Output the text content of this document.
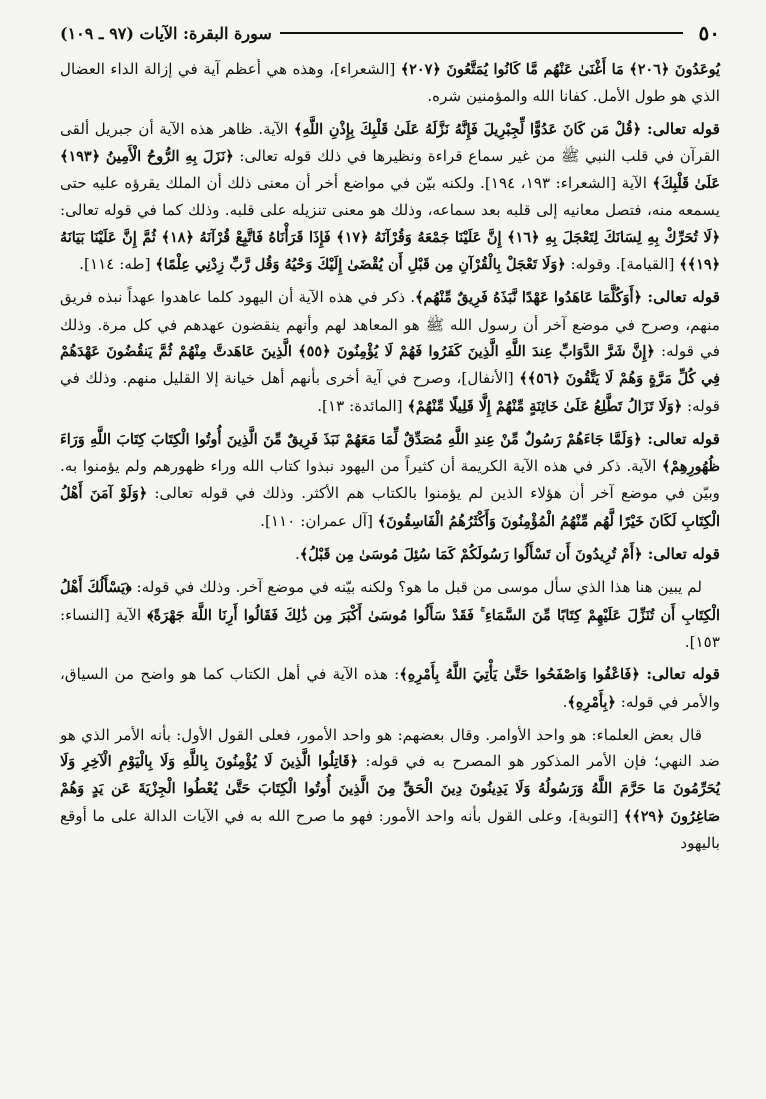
٥٠
سورة البقرة: الآيات (٩٧ ـ ١٠٩)

يُوعَدُونَ ﴿٢٠٦﴾ مَا أَغْنَىٰ عَنْهُم مَّا كَانُوا يُمَتَّعُونَ ﴿٢٠٧﴾ [الشعراء]، وهذه هي أعظم آية في إزالة الداء العضال الذي هو طول الأمل. كفانا الله والمؤمنين شره.

قوله تعالى: ﴿قُلْ مَن كَانَ عَدُوًّا لِّجِبْرِيلَ فَإِنَّهُ نَزَّلَهُ عَلَىٰ قَلْبِكَ بِإِذْنِ اللَّهِ﴾ الآية. ظاهر هذه الآية أن جبريل ألقى القرآن في قلب النبي ﷺ من غير سماع قراءة ونظيرها في ذلك قوله تعالى: ﴿نَزَلَ بِهِ الرُّوحُ الْأَمِينُ ﴿١٩٣﴾ عَلَىٰ قَلْبِكَ﴾ الآية [الشعراء: ١٩٣، ١٩٤]. ولكنه بيّن في مواضع أخر أن معنى ذلك أن الملك يقرؤه عليه حتى يسمعه منه، فتصل معانيه إلى قلبه بعد سماعه، وذلك هو معنى تنزيله على قلبه. وذلك كما في قوله تعالى: ﴿لَا تُحَرِّكْ بِهِ لِسَانَكَ لِتَعْجَلَ بِهِ ﴿١٦﴾ إِنَّ عَلَيْنَا جَمْعَهُ وَقُرْآنَهُ ﴿١٧﴾ فَإِذَا قَرَأْنَاهُ فَاتَّبِعْ قُرْآنَهُ ﴿١٨﴾ ثُمَّ إِنَّ عَلَيْنَا بَيَانَهُ ﴿١٩﴾﴾ [القيامة]. وقوله: ﴿وَلَا تَعْجَلْ بِالْقُرْآنِ مِن قَبْلِ أَن يُقْضَىٰ إِلَيْكَ وَحْيُهُ وَقُل رَّبِّ زِدْنِي عِلْمًا﴾ [طه: ١١٤].

قوله تعالى: ﴿أَوَكُلَّمَا عَاهَدُوا عَهْدًا نَّبَذَهُ فَرِيقٌ مِّنْهُم﴾. ذكر في هذه الآية أن اليهود كلما عاهدوا عهداً نبذه فريق منهم، وصرح في موضع آخر أن رسول الله ﷺ هو المعاهد لهم وأنهم ينقضون عهدهم في كل مرة. وذلك في قوله: ﴿إِنَّ شَرَّ الدَّوَابِّ عِندَ اللَّهِ الَّذِينَ كَفَرُوا فَهُمْ لَا يُؤْمِنُونَ ﴿٥٥﴾ الَّذِينَ عَاهَدتَّ مِنْهُمْ ثُمَّ يَنقُضُونَ عَهْدَهُمْ فِي كُلِّ مَرَّةٍ وَهُمْ لَا يَتَّقُونَ ﴿٥٦﴾﴾ [الأنفال]، وصرح في آية أخرى بأنهم أهل خيانة إلا القليل منهم. وذلك في قوله: ﴿وَلَا تَزَالُ تَطَّلِعُ عَلَىٰ خَائِنَةٍ مِّنْهُمْ إِلَّا قَلِيلًا مِّنْهُمْ﴾ [المائدة: ١٣].

قوله تعالى: ﴿وَلَمَّا جَاءَهُمْ رَسُولٌ مِّنْ عِندِ اللَّهِ مُصَدِّقٌ لِّمَا مَعَهُمْ نَبَذَ فَرِيقٌ مِّنَ الَّذِينَ أُوتُوا الْكِتَابَ كِتَابَ اللَّهِ وَرَاءَ ظُهُورِهِمْ﴾ الآية. ذكر في هذه الآية الكريمة أن كثيراً من اليهود نبذوا كتاب الله وراء ظهورهم ولم يؤمنوا به. وبيّن في موضع آخر أن هؤلاء الذين لم يؤمنوا بالكتاب هم الأكثر. وذلك في قوله تعالى: ﴿وَلَوْ آمَنَ أَهْلُ الْكِتَابِ لَكَانَ خَيْرًا لَّهُم مِّنْهُمُ الْمُؤْمِنُونَ وَأَكْثَرُهُمُ الْفَاسِقُونَ﴾ [آل عمران: ١١٠].

قوله تعالى: ﴿أَمْ تُرِيدُونَ أَن تَسْأَلُوا رَسُولَكُمْ كَمَا سُئِلَ مُوسَىٰ مِن قَبْلُ﴾.

لم يبين هنا هذا الذي سأل موسى من قبل ما هو؟ ولكنه بيّنه في موضع آخر. وذلك في قوله: ﴿يَسْأَلُكَ أَهْلُ الْكِتَابِ أَن تُنَزِّلَ عَلَيْهِمْ كِتَابًا مِّنَ السَّمَاءِ ۚ فَقَدْ سَأَلُوا مُوسَىٰ أَكْبَرَ مِن ذَٰلِكَ فَقَالُوا أَرِنَا اللَّهَ جَهْرَةً﴾ الآية [النساء: ١٥٣].

قوله تعالى: ﴿فَاعْفُوا وَاصْفَحُوا حَتَّىٰ يَأْتِيَ اللَّهُ بِأَمْرِهِ﴾: هذه الآية في أهل الكتاب كما هو واضح من السياق، والأمر في قوله: ﴿بِأَمْرِهِ﴾.

قال بعض العلماء: هو واحد الأوامر. وقال بعضهم: هو واحد الأمور، فعلى القول الأول: بأنه الأمر الذي هو ضد النهي؛ فإن الأمر المذكور هو المصرح به في قوله: ﴿قَاتِلُوا الَّذِينَ لَا يُؤْمِنُونَ بِاللَّهِ وَلَا بِالْيَوْمِ الْآخِرِ وَلَا يُحَرِّمُونَ مَا حَرَّمَ اللَّهُ وَرَسُولُهُ وَلَا يَدِينُونَ دِينَ الْحَقِّ مِنَ الَّذِينَ أُوتُوا الْكِتَابَ حَتَّىٰ يُعْطُوا الْجِزْيَةَ عَن يَدٍ وَهُمْ صَاغِرُونَ ﴿٢٩﴾﴾ [التوبة]، وعلى القول بأنه واحد الأمور: فهو ما صرح الله به في الآيات الدالة على ما أوقع باليهود
